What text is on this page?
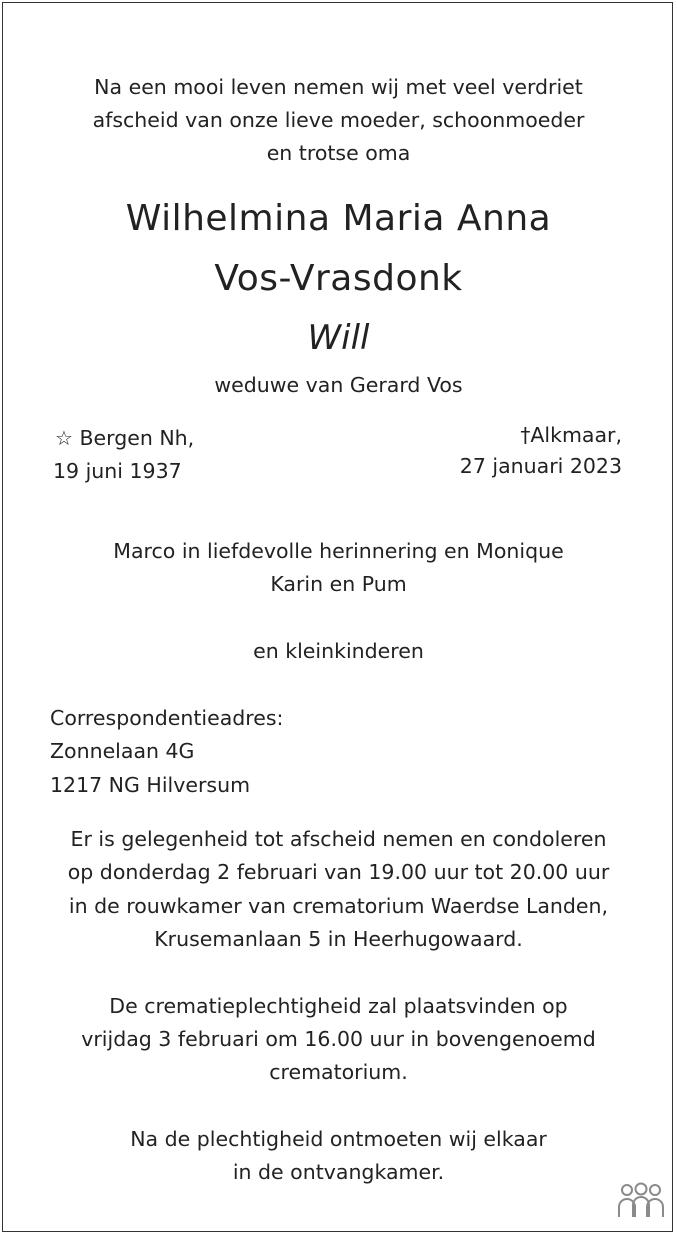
Na een mooi leven nemen wij met veel verdriet

afscheid van onze lieve moeder, schoonmoeder

en trotse oma

Wilhelmina Maria Anna

Vos-Vrasdonk

Will

weduwe van Gerard Vos

☆ Bergen Nh,

19 juni 1937

†Alkmaar,

27 januari 2023

Marco in liefdevolle herinnering en Monique

Karin en Pum

en kleinkinderen

Correspondentieadres:

Zonnelaan 4G

1217 NG Hilversum

Er is gelegenheid tot afscheid nemen en condoleren

op donderdag 2 februari van 19.00 uur tot 20.00 uur

in de rouwkamer van crematorium Waerdse Landen,

Krusemanlaan 5 in Heerhugowaard.

De crematieplechtigheid zal plaatsvinden op

vrijdag 3 februari om 16.00 uur in bovengenoemd

crematorium.

Na de plechtigheid ontmoeten wij elkaar

in de ontvangkamer.
